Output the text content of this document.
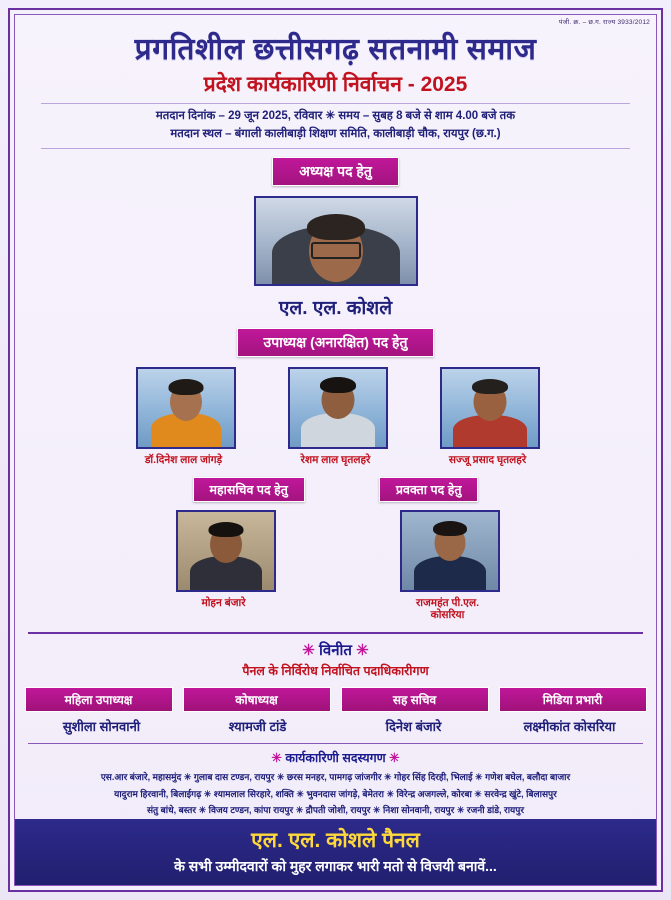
पंजी. क्र. – छ.ग. राज्य 3933/2012
प्रगतिशील छत्तीसगढ़ सतनामी समाज
प्रदेश कार्यकारिणी निर्वाचन - 2025
मतदान दिनांक – 29 जून 2025, रविवार ✳ समय – सुबह 8 बजे से शाम 4.00 बजे तक
मतदान स्थल – बंगाली कालीबाड़ी शिक्षण समिति, कालीबाड़ी चौक, रायपुर (छ.ग.)
अध्यक्ष पद हेतु
एल. एल. कोशले
उपाध्यक्ष (अनारक्षित) पद हेतु
डॉ.दिनेश लाल जांगड़े	रेशम लाल घृतलहरे	सज्जू प्रसाद घृतलहरे
महासचिव पद हेतु	प्रवक्ता पद हेतु
मोहन बंजारे	राजमहंत पी.एल. कोसरिया
✳ विनीत ✳
पैनल के निर्विरोध निर्वाचित पदाधिकारीगण
महिला उपाध्यक्ष	कोषाध्यक्ष	सह सचिव	मिडिया प्रभारी
सुशीला सोनवानी	श्यामजी टांडे	दिनेश बंजारे	लक्ष्मीकांत कोसरिया
✳ कार्यकारिणी सदस्यगण ✳
एस.आर बंजारे, महासमुंद ✳ गुलाब दास टण्डन, रायपुर ✳ छरस मनहर, पामगढ़ जांजगीर ✳ गोहर सिंह दिरही, भिलाई ✳ गणेश बघेल, बलौदा बाजार
यादुराम हिरवानी, बिलाईगढ़ ✳ श्यामलाल सिरहारे, शक्ति ✳ भुवनदास जांगड़े, बेमेतरा ✳ विरेन्द्र अजगल्ले, कोरबा ✳ सरवेन्द्र खुंटे, बिलासपुर
संतु बांधे, बस्तर ✳ विजय टण्डन, कांपा रायपुर ✳ द्रौपती जोशी, रायपुर ✳ निशा सोनवानी, रायपुर ✳ रजनी डांडे, रायपुर
एल. एल. कोशले पैनल
के सभी उम्मीदवारों को मुहर लगाकर भारी मतो से विजयी बनावें...
